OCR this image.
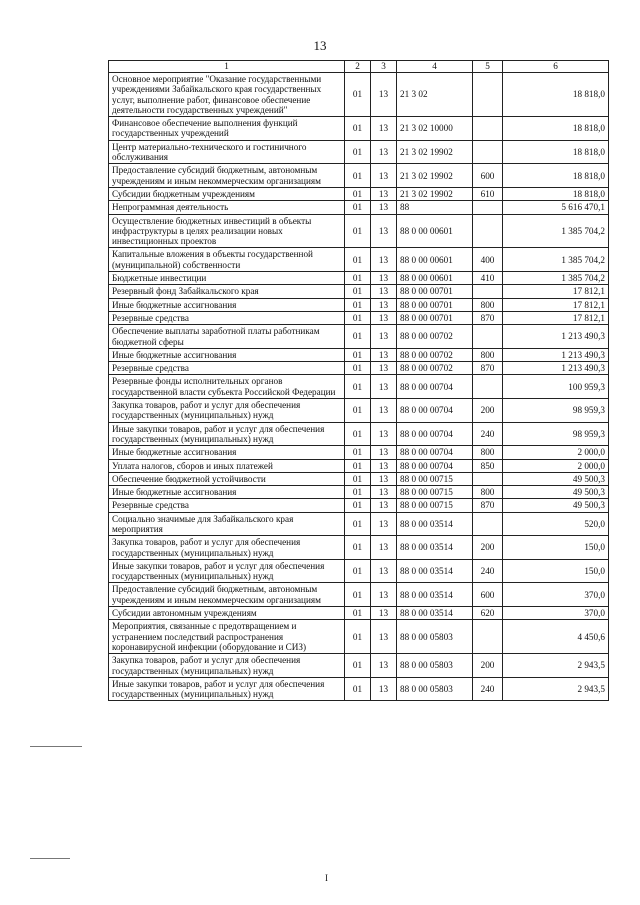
13
1	2	3	4	5	6
Основное мероприятие "Оказание государственными учреждениями Забайкальского края государственных услуг, выполнение работ, финансовое обеспечение деятельности государственных учреждений"	01	13	21 3 02		18 818,0
Финансовое обеспечение выполнения функций государственных учреждений	01	13	21 3 02 10000		18 818,0
Центр материально-технического и гостиничного обслуживания	01	13	21 3 02 19902		18 818,0
Предоставление субсидий бюджетным, автономным учреждениям и иным некоммерческим организациям	01	13	21 3 02 19902	600	18 818,0
Субсидии бюджетным учреждениям	01	13	21 3 02 19902	610	18 818,0
Непрограммная деятельность	01	13	88		5 616 470,1
Осуществление бюджетных инвестиций в объекты инфраструктуры в целях реализации новых инвестиционных проектов	01	13	88 0 00 00601		1 385 704,2
Капитальные вложения в объекты государственной (муниципальной) собственности	01	13	88 0 00 00601	400	1 385 704,2
Бюджетные инвестиции	01	13	88 0 00 00601	410	1 385 704,2
Резервный фонд Забайкальского края	01	13	88 0 00 00701		17 812,1
Иные бюджетные ассигнования	01	13	88 0 00 00701	800	17 812,1
Резервные средства	01	13	88 0 00 00701	870	17 812,1
Обеспечение выплаты заработной платы работникам бюджетной сферы	01	13	88 0 00 00702		1 213 490,3
Иные бюджетные ассигнования	01	13	88 0 00 00702	800	1 213 490,3
Резервные средства	01	13	88 0 00 00702	870	1 213 490,3
Резервные фонды исполнительных органов государственной власти субъекта Российской Федерации	01	13	88 0 00 00704		100 959,3
Закупка товаров, работ и услуг для обеспечения государственных (муниципальных) нужд	01	13	88 0 00 00704	200	98 959,3
Иные закупки товаров, работ и услуг для обеспечения государственных (муниципальных) нужд	01	13	88 0 00 00704	240	98 959,3
Иные бюджетные ассигнования	01	13	88 0 00 00704	800	2 000,0
Уплата налогов, сборов и иных платежей	01	13	88 0 00 00704	850	2 000,0
Обеспечение бюджетной устойчивости	01	13	88 0 00 00715		49 500,3
Иные бюджетные ассигнования	01	13	88 0 00 00715	800	49 500,3
Резервные средства	01	13	88 0 00 00715	870	49 500,3
Социально значимые для Забайкальского края мероприятия	01	13	88 0 00 03514		520,0
Закупка товаров, работ и услуг для обеспечения государственных (муниципальных) нужд	01	13	88 0 00 03514	200	150,0
Иные закупки товаров, работ и услуг для обеспечения государственных (муниципальных) нужд	01	13	88 0 00 03514	240	150,0
Предоставление субсидий бюджетным, автономным учреждениям и иным некоммерческим организациям	01	13	88 0 00 03514	600	370,0
Субсидии автономным учреждениям	01	13	88 0 00 03514	620	370,0
Мероприятия, связанные с предотвращением и устранением последствий распространения коронавирусной инфекции (оборудование и СИЗ)	01	13	88 0 00 05803		4 450,6
Закупка товаров, работ и услуг для обеспечения государственных (муниципальных) нужд	01	13	88 0 00 05803	200	2 943,5
Иные закупки товаров, работ и услуг для обеспечения государственных (муниципальных) нужд	01	13	88 0 00 05803	240	2 943,5
I
